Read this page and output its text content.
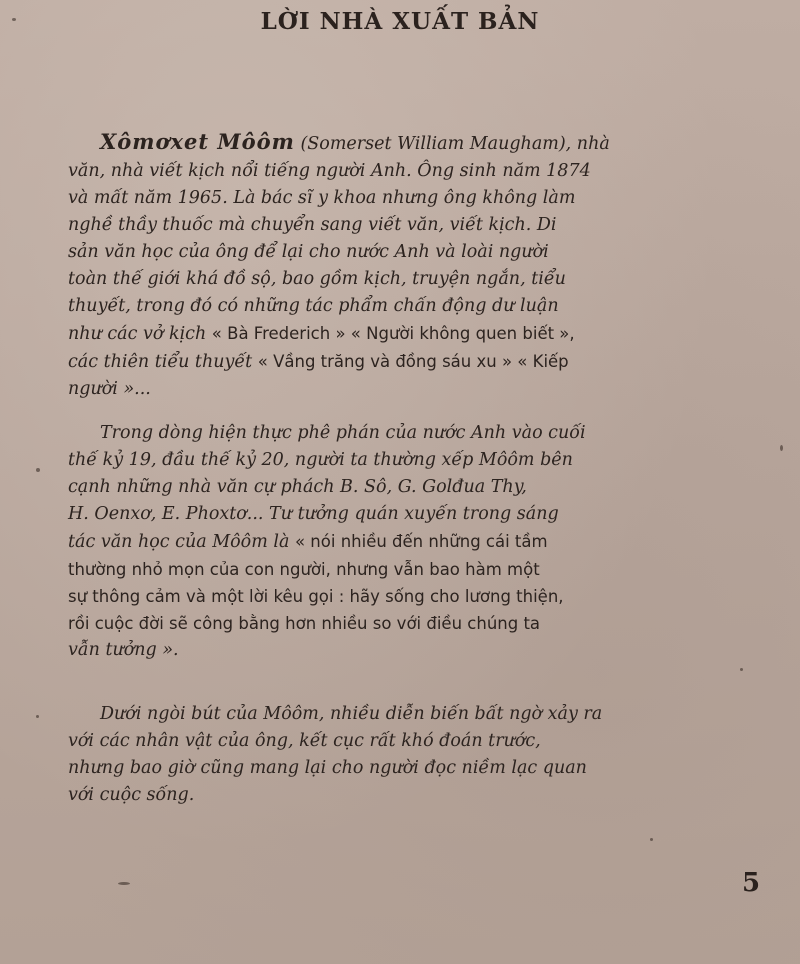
LỜI NHÀ XUẤT BẢN

Xômơxet Môôm (Somerset William Maugham), nhà
văn, nhà viết kịch nổi tiếng người Anh. Ông sinh năm 1874
và mất năm 1965. Là bác sĩ y khoa nhưng ông không làm
nghề thầy thuốc mà chuyển sang viết văn, viết kịch. Di
sản văn học của ông để lại cho nước Anh và loài người
toàn thế giới khá đồ sộ, bao gồm kịch, truyện ngắn, tiểu
thuyết, trong đó có những tác phẩm chấn động dư luận
như các vở kịch « Bà Frederich » « Người không quen biết »,
các thiên tiểu thuyết « Vầng trăng và đồng sáu xu » « Kiếp
người »...

Trong dòng hiện thực phê phán của nước Anh vào cuối
thế kỷ 19, đầu thế kỷ 20, người ta thường xếp Môôm bên
cạnh những nhà văn cự phách B. Sô, G. Golđua Thy,
H. Oenxơ, E. Phoxtơ... Tư tưởng quán xuyến trong sáng
tác văn học của Môôm là « nói nhiều đến những cái tầm
thường nhỏ mọn của con người, nhưng vẫn bao hàm một
sự thông cảm và một lời kêu gọi : hãy sống cho lương thiện,
rồi cuộc đời sẽ công bằng hơn nhiều so với điều chúng ta
vẫn tưởng ».

Dưới ngòi bút của Môôm, nhiều diễn biến bất ngờ xảy ra
với các nhân vật của ông, kết cục rất khó đoán trước,
nhưng bao giờ cũng mang lại cho người đọc niềm lạc quan
với cuộc sống.

5
